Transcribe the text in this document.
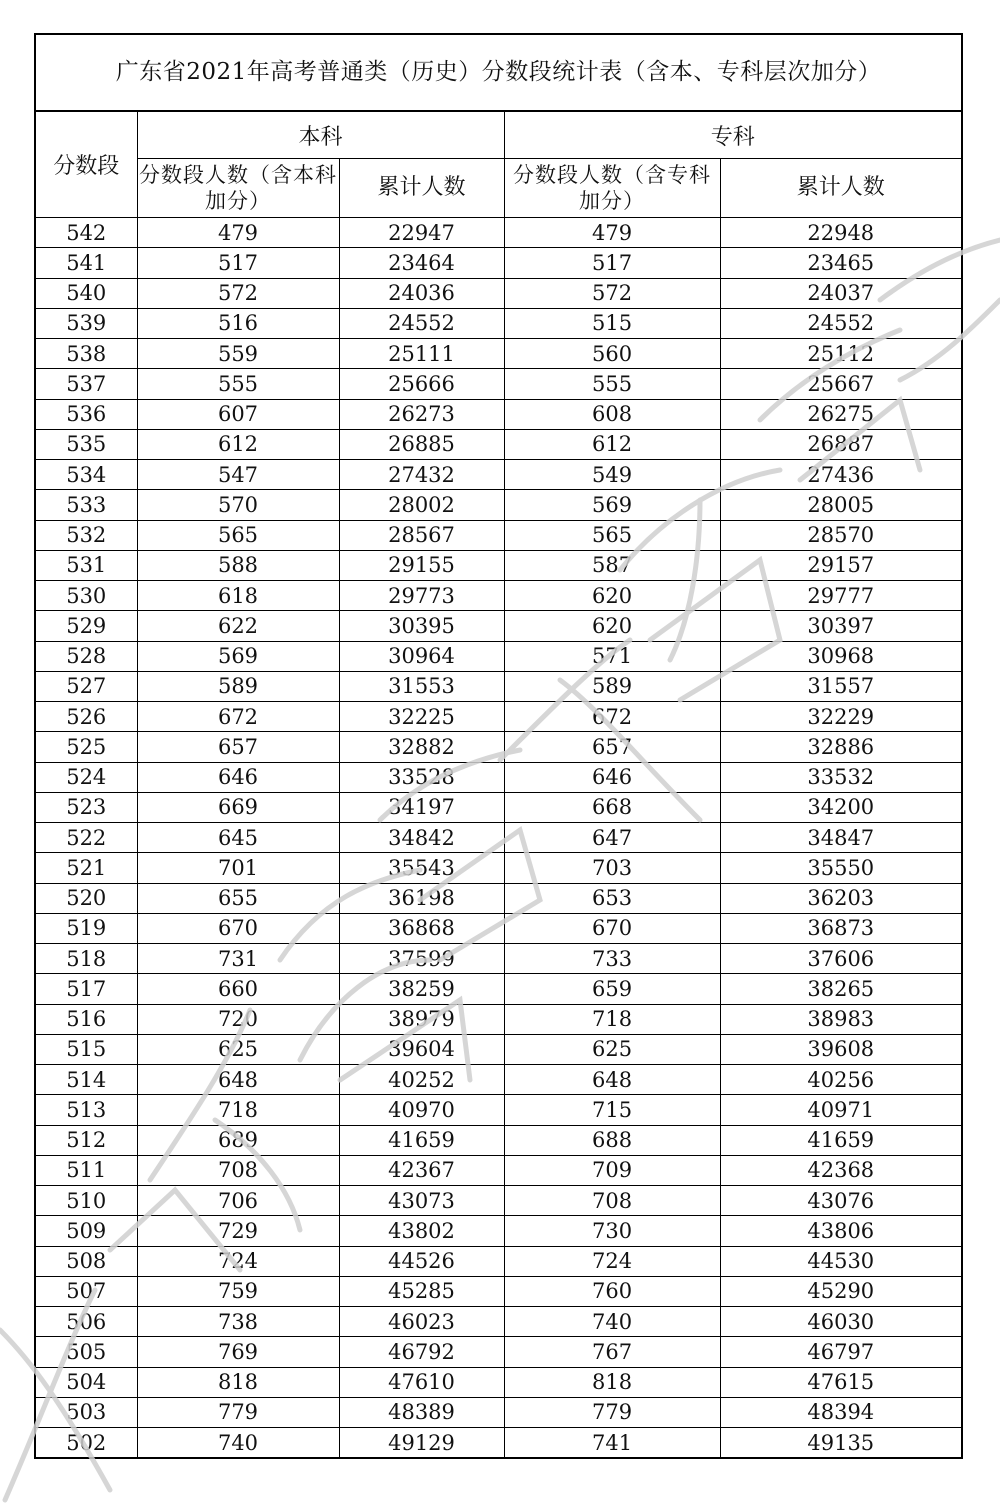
广东省2021年高考普通类（历史）分数段统计表（含本、专科层次加分）
分数段	本科		专科	
	分数段人数（含本科加分）	累计人数	分数段人数（含专科加分）	累计人数
542	479	22947	479	22948
541	517	23464	517	23465
540	572	24036	572	24037
539	516	24552	515	24552
538	559	25111	560	25112
537	555	25666	555	25667
536	607	26273	608	26275
535	612	26885	612	26887
534	547	27432	549	27436
533	570	28002	569	28005
532	565	28567	565	28570
531	588	29155	587	29157
530	618	29773	620	29777
529	622	30395	620	30397
528	569	30964	571	30968
527	589	31553	589	31557
526	672	32225	672	32229
525	657	32882	657	32886
524	646	33528	646	33532
523	669	34197	668	34200
522	645	34842	647	34847
521	701	35543	703	35550
520	655	36198	653	36203
519	670	36868	670	36873
518	731	37599	733	37606
517	660	38259	659	38265
516	720	38979	718	38983
515	625	39604	625	39608
514	648	40252	648	40256
513	718	40970	715	40971
512	689	41659	688	41659
511	708	42367	709	42368
510	706	43073	708	43076
509	729	43802	730	43806
508	724	44526	724	44530
507	759	45285	760	45290
506	738	46023	740	46030
505	769	46792	767	46797
504	818	47610	818	47615
503	779	48389	779	48394
502	740	49129	741	49135
